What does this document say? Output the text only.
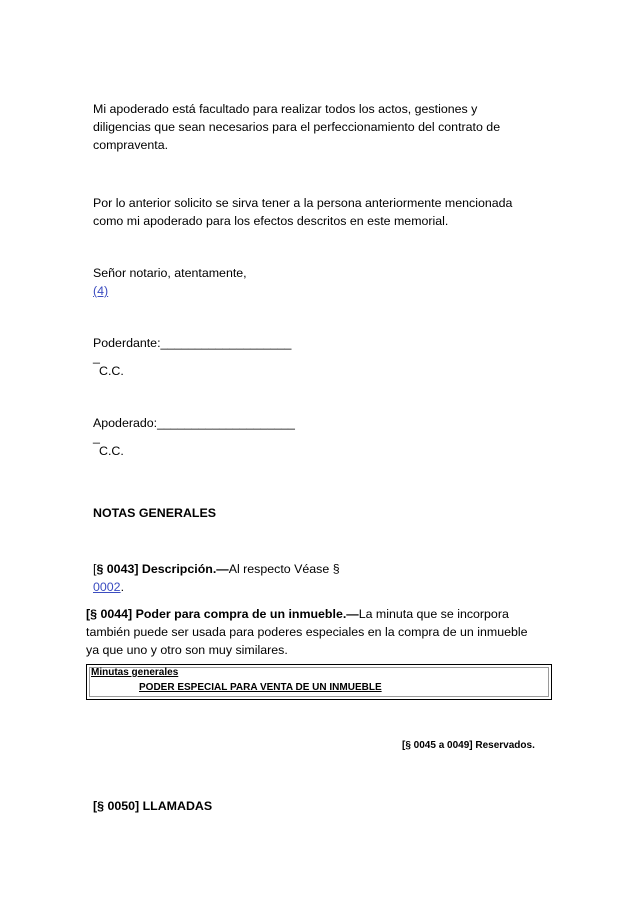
Mi apoderado está facultado para realizar todos los actos, gestiones y
diligencias que sean necesarios para el perfeccionamiento del contrato de
compraventa.
Por lo anterior solicito se sirva tener a la persona anteriormente mencionada
como mi apoderado para los efectos descritos en este memorial.
Señor notario, atentamente,
(4)
Poderdante:___________________
_
C.C.
Apoderado:____________________
_
C.C.
NOTAS GENERALES
[§ 0043] Descripción.—Al respecto Véase §
0002.
[§ 0044] Poder para compra de un inmueble.—La minuta que se incorpora
también puede ser usada para poderes especiales en la compra de un inmueble
ya que uno y otro son muy similares.
Minutas generales
PODER ESPECIAL PARA VENTA DE UN INMUEBLE
[§ 0045 a 0049] Reservados.
[§ 0050] LLAMADAS
